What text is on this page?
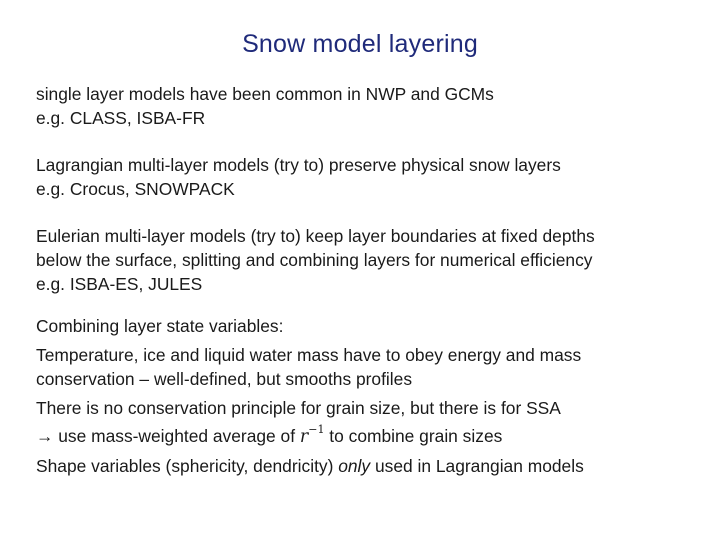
Snow model layering

single layer models have been common in NWP and GCMs
e.g. CLASS, ISBA-FR

Lagrangian multi-layer models (try to) preserve physical snow layers
e.g. Crocus, SNOWPACK

Eulerian multi-layer models (try to) keep layer boundaries at fixed depths
below the surface, splitting and combining layers for numerical efficiency
e.g. ISBA-ES, JULES

Combining layer state variables:

Temperature, ice and liquid water mass have to obey energy and mass
conservation – well-defined, but smooths profiles

There is no conservation principle for grain size, but there is for SSA
→ use mass-weighted average of $r^{-1}$ to combine grain sizes

Shape variables (sphericity, dendricity) only used in Lagrangian models
